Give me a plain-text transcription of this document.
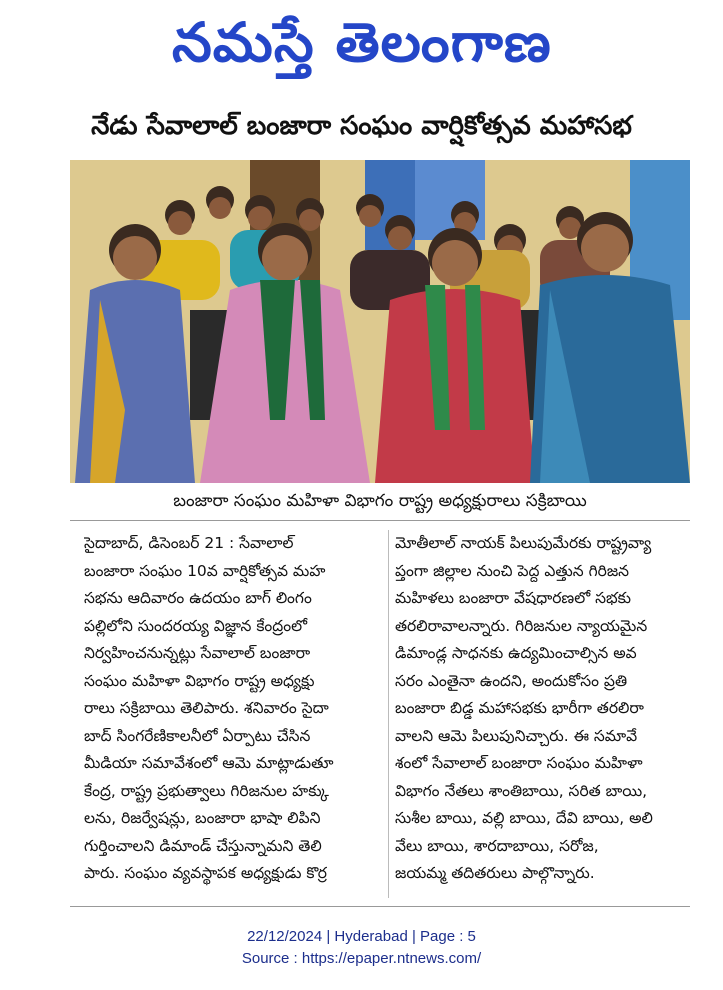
నమస్తే తెలంగాణ
నేడు సేవాలాల్ బంజారా సంఘం వార్షికోత్సవ మహాసభ
బంజారా సంఘం మహిళా విభాగం రాష్ట్ర అధ్యక్షురాలు సక్రిబాయి
సైదాబాద్, డిసెంబర్ 21 : సేవాలాల్
బంజారా సంఘం 10వ వార్షికోత్సవ మహ
సభను ఆదివారం ఉదయం బాగ్ లింగం
పల్లిలోని సుందరయ్య విజ్ఞాన కేంద్రంలో
నిర్వహించనున్నట్లు సేవాలాల్ బంజారా
సంఘం మహిళా విభాగం రాష్ట్ర అధ్యక్షు
రాలు సక్రిబాయి తెలిపారు. శనివారం సైదా
బాద్ సింగరేణికాలనీలో ఏర్పాటు చేసిన
మీడియా సమావేశంలో ఆమె మాట్లాడుతూ
కేంద్ర, రాష్ట్ర ప్రభుత్వాలు గిరిజనుల హక్కు
లను, రిజర్వేషన్లు, బంజారా భాషా లిపిని
గుర్తించాలని డిమాండ్ చేస్తున్నామని తెలి
పారు. సంఘం వ్యవస్థాపక అధ్యక్షుడు కొర్ర
మోతీలాల్ నాయక్ పిలుపుమేరకు రాష్ట్రవ్యా
ప్తంగా జిల్లాల నుంచి పెద్ద ఎత్తున గిరిజన
మహిళలు బంజారా వేషధారణలో సభకు
తరలిరావాలన్నారు. గిరిజనుల న్యాయమైన
డిమాండ్ల సాధనకు ఉద్యమించాల్సిన అవ
సరం ఎంతైనా ఉందని, అందుకోసం ప్రతి
బంజారా బిడ్డ మహాసభకు భారీగా తరలిరా
వాలని ఆమె పిలుపునిచ్చారు. ఈ సమావే
శంలో సేవాలాల్ బంజారా సంఘం మహిళా
విభాగం నేతలు శాంతిబాయి, సరిత బాయి,
సుశీల బాయి, వల్లి బాయి, దేవి బాయి, అలి
వేలు బాయి, శారదాబాయి, సరోజ,
జయమ్మ తదితరులు పాల్గొన్నారు.
22/12/2024 | Hyderabad | Page : 5
Source : https://epaper.ntnews.com/
